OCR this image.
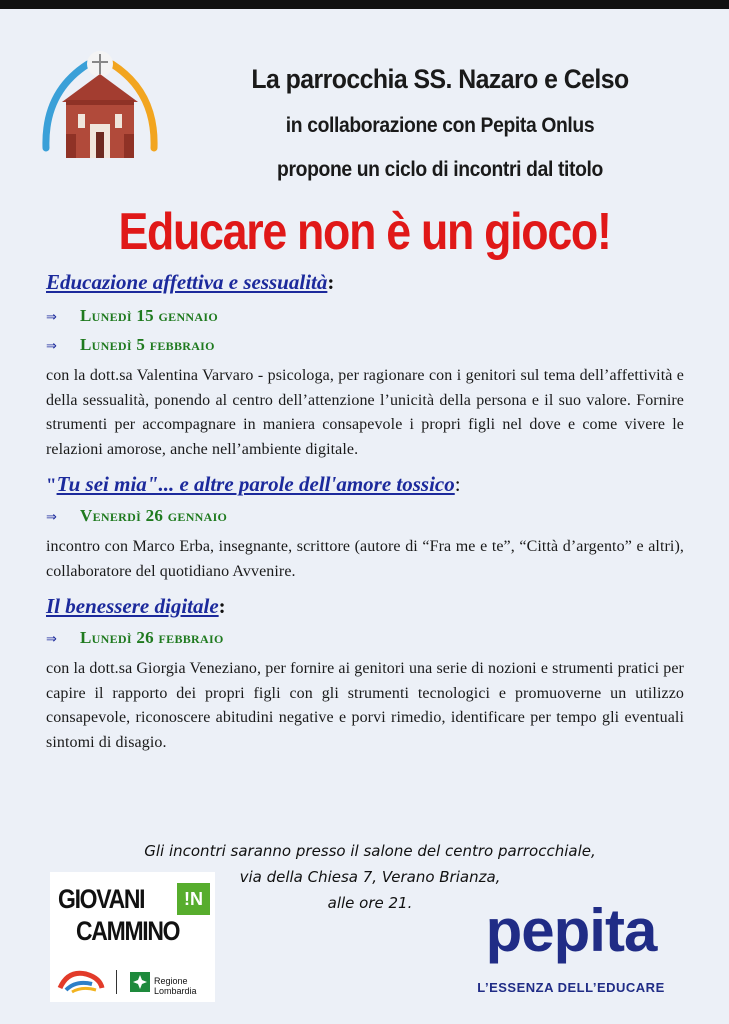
La parrocchia SS. Nazaro e Celso
in collaborazione con Pepita Onlus
propone un ciclo di incontri dal titolo
Educare non è un gioco!
Educazione affettiva e sessualità:
⇒	Lunedì 15 gennaio
⇒	Lunedì 5 febbraio

con la dott.sa Valentina Varvaro - psicologa, per ragionare con i genitori sul tema dell’affettività e della sessualità, ponendo al centro dell’attenzione l’unicità della persona e il suo valore. Fornire strumenti per accompagnare in maniera consapevole i propri figli nel dove e come vivere le relazioni amorose, anche nell’ambiente digitale.

"Tu sei mia"... e altre parole dell'amore tossico:
⇒	Venerdì 26 gennaio

incontro con Marco Erba, insegnante, scrittore (autore di “Fra me e te”, “Città d’argento” e altri), collaboratore del quotidiano Avvenire.

Il benessere digitale:
⇒	Lunedì 26 febbraio

con la dott.sa Giorgia Veneziano, per fornire ai genitori una serie di nozioni e strumenti pratici per capire il rapporto dei propri figli con gli strumenti tecnologici e promuoverne un utilizzo consapevole, riconoscere abitudini negative e porvi rimedio, identificare per tempo gli eventuali sintomi di disagio.

Gli incontri saranno presso il salone del centro parrocchiale,
via della Chiesa 7, Verano Brianza,
alle ore 21.
GIOVANI	!N
CAMMINO
Regione
Lombardia
pepita
L’ESSENZA DELL’EDUCARE
